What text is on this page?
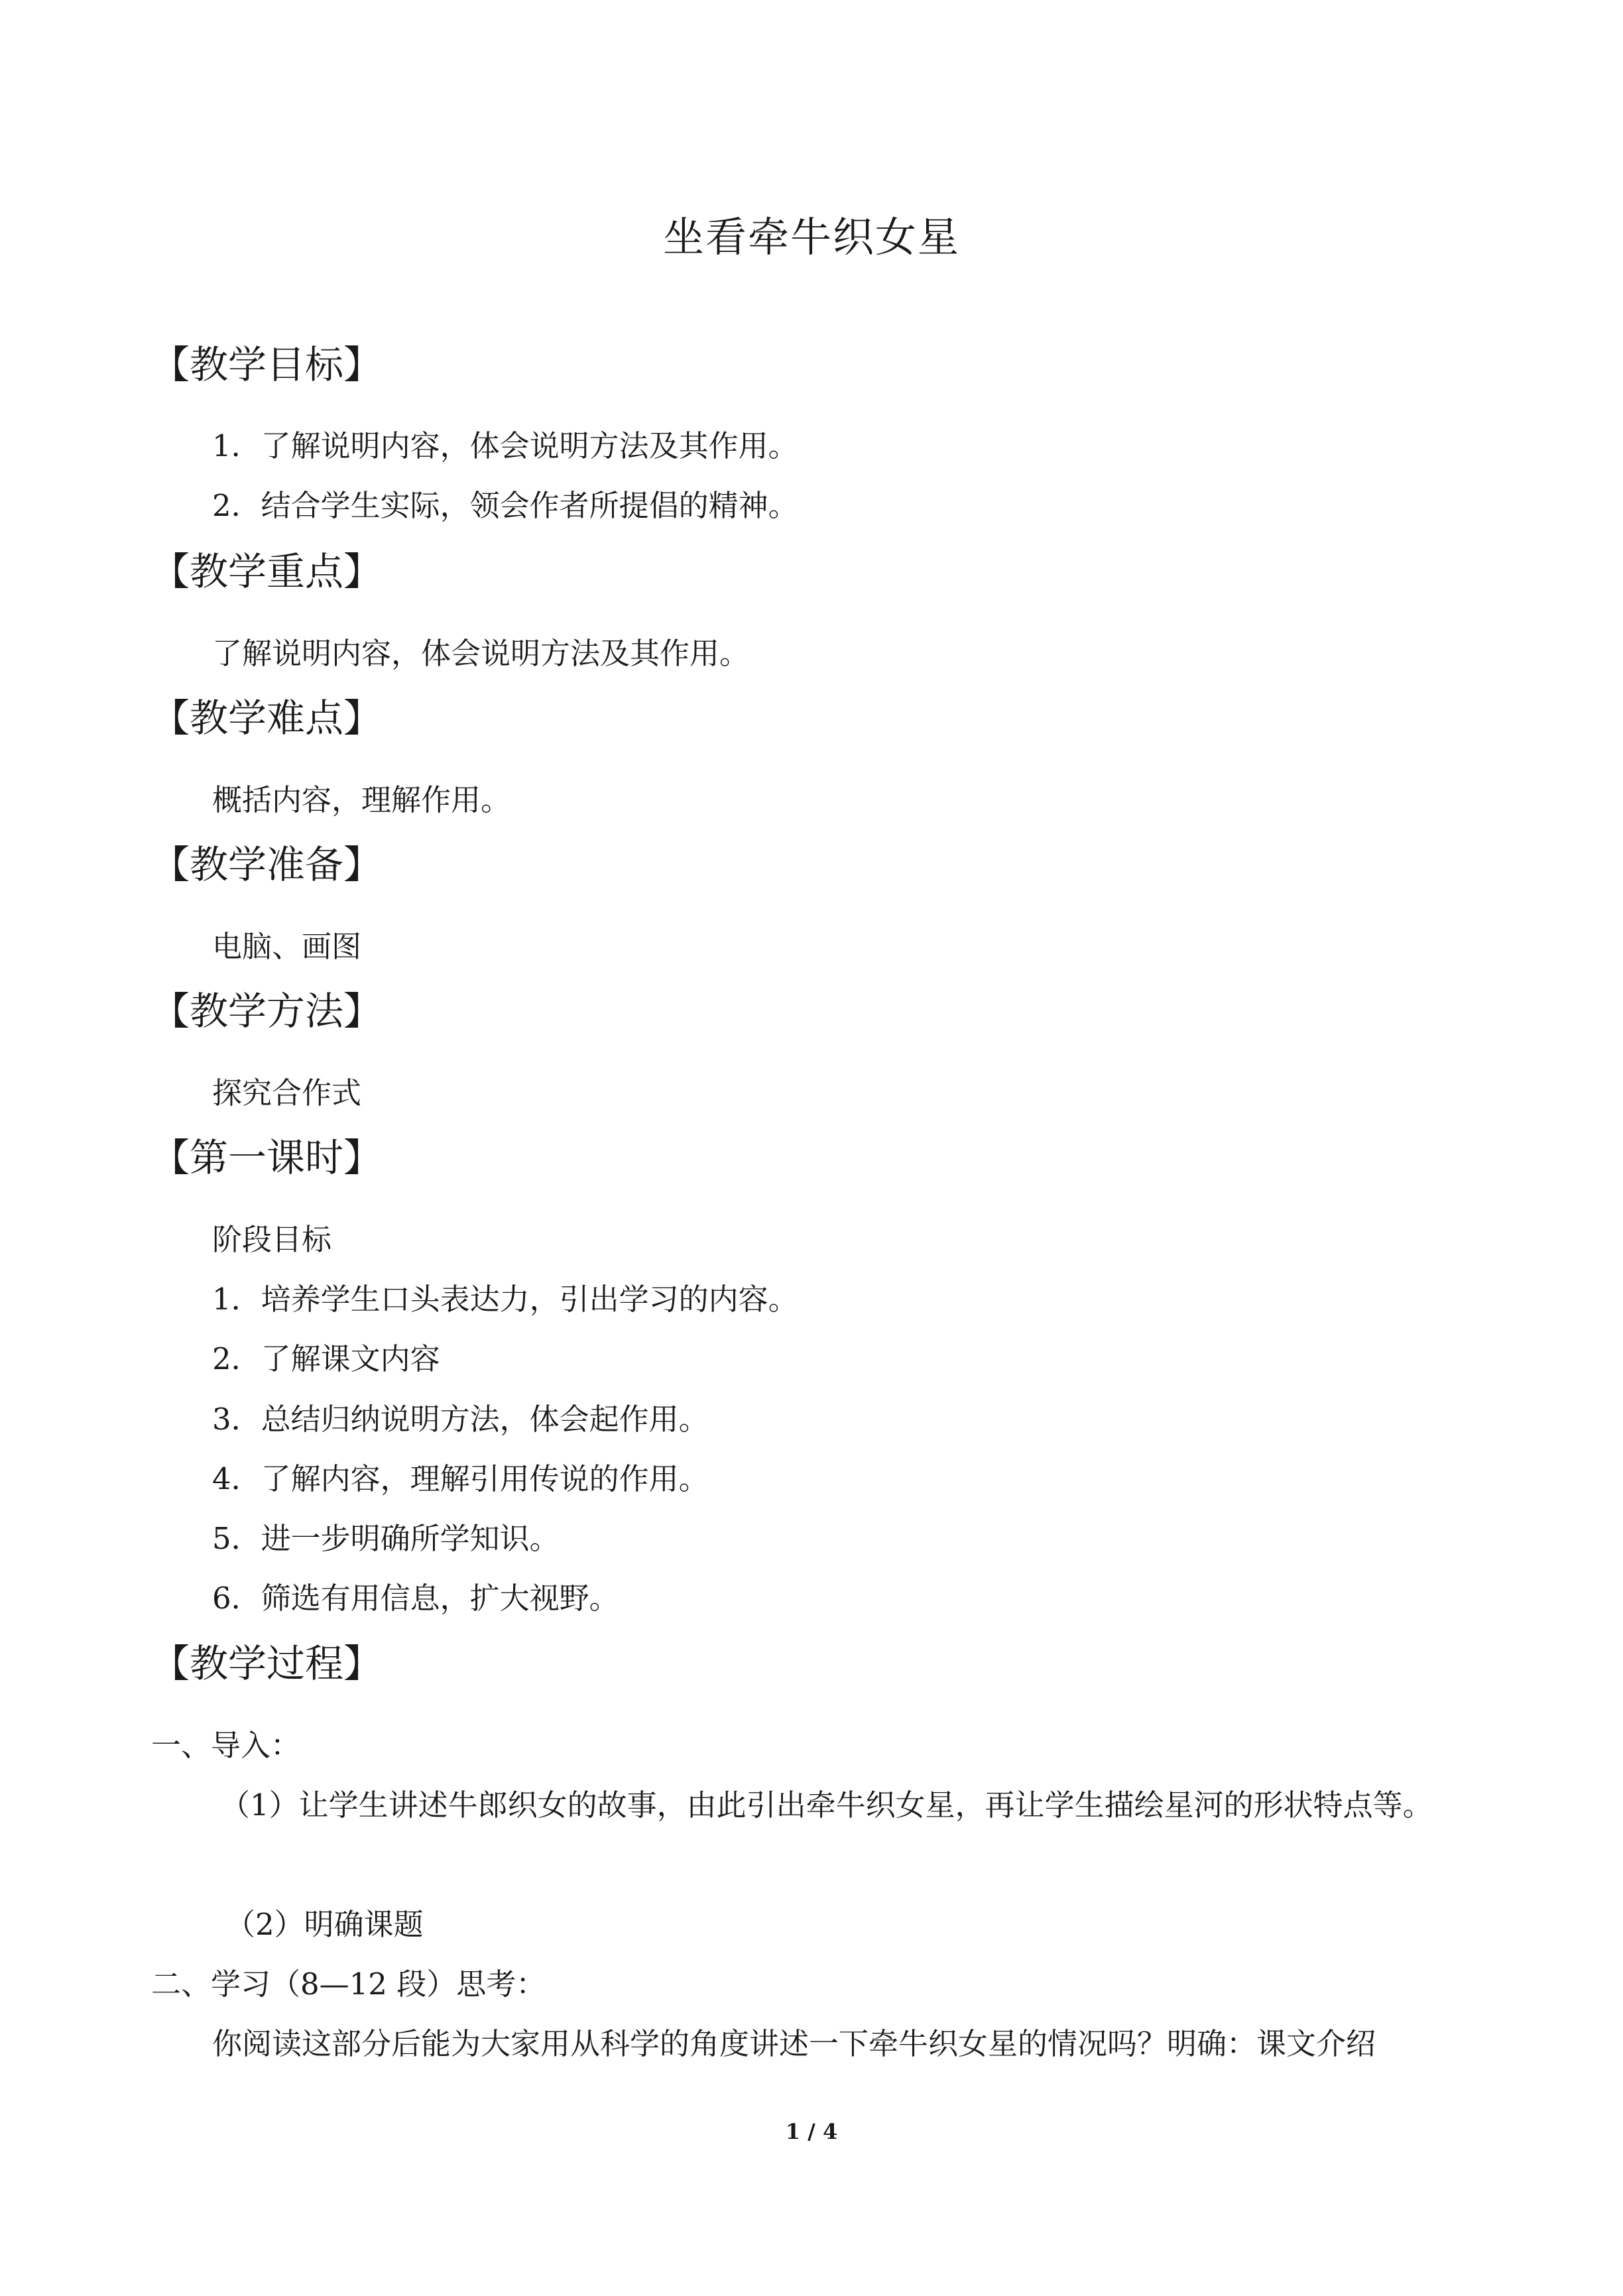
坐看牵牛织女星
【教学目标】
1．了解说明内容，体会说明方法及其作用。
2．结合学生实际，领会作者所提倡的精神。
【教学重点】
了解说明内容，体会说明方法及其作用。
【教学难点】
概括内容，理解作用。
【教学准备】
电脑、画图
【教学方法】
探究合作式
【第一课时】
阶段目标
1．培养学生口头表达力，引出学习的内容。
2．了解课文内容
3．总结归纳说明方法，体会起作用。
4．了解内容，理解引用传说的作用。
5．进一步明确所学知识。
6．筛选有用信息，扩大视野。
【教学过程】
一、导入：
（1）让学生讲述牛郎织女的故事，由此引出牵牛织女星，再让学生描绘星河的形状特点等。
（2）明确课题
二、学习（8—12 段）思考：
你阅读这部分后能为大家用从科学的角度讲述一下牵牛织女星的情况吗？明确：课文介绍
1 / 4
